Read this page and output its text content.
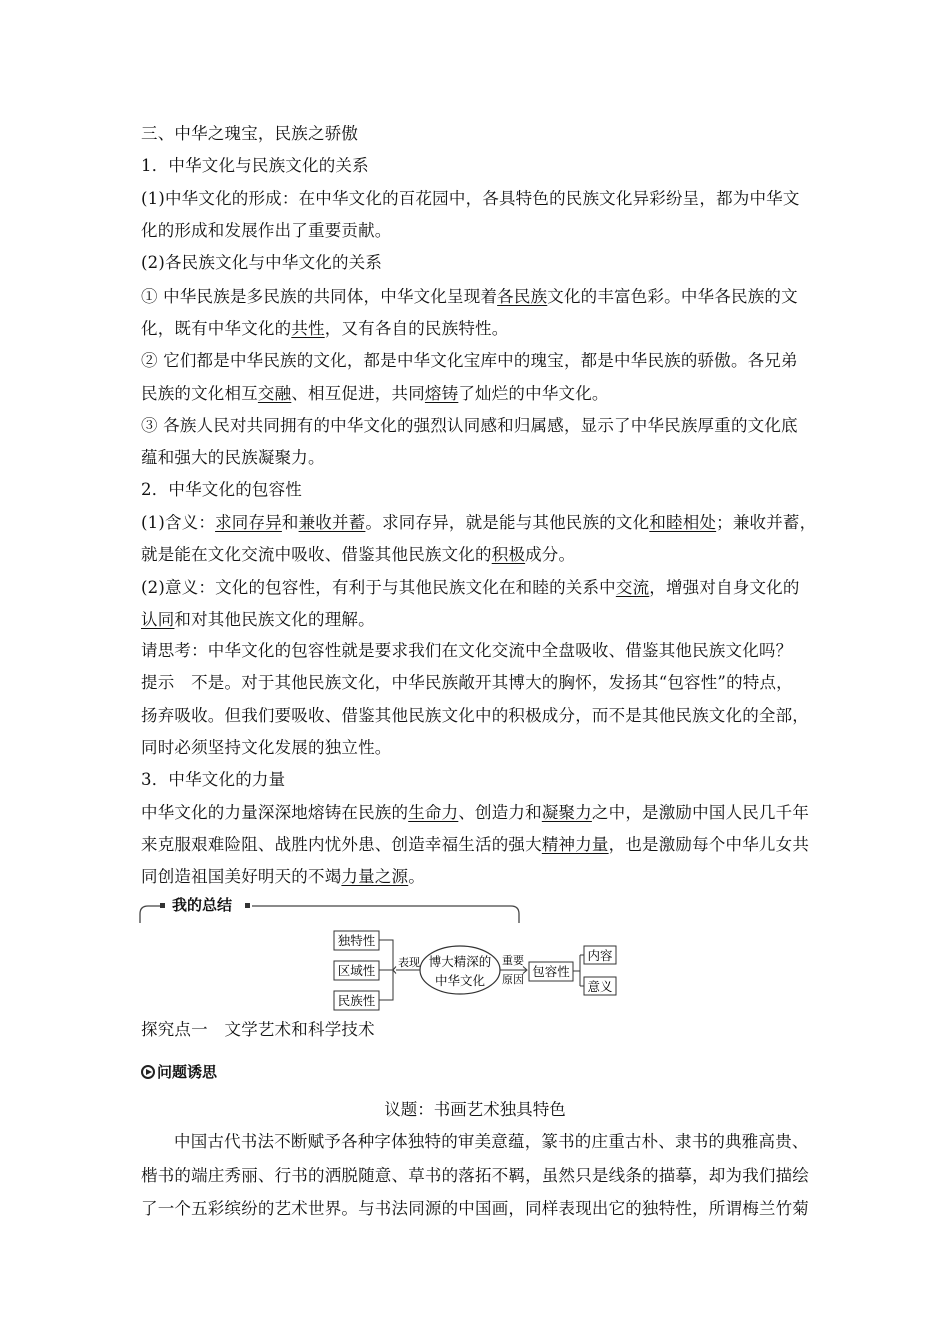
三、中华之瑰宝，民族之骄傲
1．中华文化与民族文化的关系
(1)中华文化的形成：在中华文化的百花园中，各具特色的民族文化异彩纷呈，都为中华文
化的形成和发展作出了重要贡献。
(2)各民族文化与中华文化的关系
① 中华民族是多民族的共同体，中华文化呈现着各民族文化的丰富色彩。中华各民族的文
化，既有中华文化的共性，又有各自的民族特性。
② 它们都是中华民族的文化，都是中华文化宝库中的瑰宝，都是中华民族的骄傲。各兄弟
民族的文化相互交融、相互促进，共同熔铸了灿烂的中华文化。
③ 各族人民对共同拥有的中华文化的强烈认同感和归属感，显示了中华民族厚重的文化底
蕴和强大的民族凝聚力。
2．中华文化的包容性
(1)含义：求同存异和兼收并蓄。求同存异，就是能与其他民族的文化和睦相处；兼收并蓄，
就是能在文化交流中吸收、借鉴其他民族文化的积极成分。
(2)意义：文化的包容性，有利于与其他民族文化在和睦的关系中交流，增强对自身文化的
认同和对其他民族文化的理解。
请思考：中华文化的包容性就是要求我们在文化交流中全盘吸收、借鉴其他民族文化吗？
提示　不是。对于其他民族文化，中华民族敞开其博大的胸怀，发扬其“包容性”的特点，
扬弃吸收。但我们要吸收、借鉴其他民族文化中的积极成分，而不是其他民族文化的全部，
同时必须坚持文化发展的独立性。
3．中华文化的力量
中华文化的力量深深地熔铸在民族的生命力、创造力和凝聚力之中，是激励中国人民几千年
来克服艰难险阻、战胜内忧外患、创造幸福生活的强大精神力量，也是激励每个中华儿女共
同创造祖国美好明天的不竭力量之源。
我的总结
独特性
区域性
民族性
表现 博大精深的
中华文化
重要
原因
包容性
内容
意义
探究点一　文学艺术和科学技术
问题诱思
议题：书画艺术独具特色
中国古代书法不断赋予各种字体独特的审美意蕴，篆书的庄重古朴、隶书的典雅高贵、
楷书的端庄秀丽、行书的洒脱随意、草书的落拓不羁，虽然只是线条的描摹，却为我们描绘
了一个五彩缤纷的艺术世界。与书法同源的中国画，同样表现出它的独特性，所谓梅兰竹菊
